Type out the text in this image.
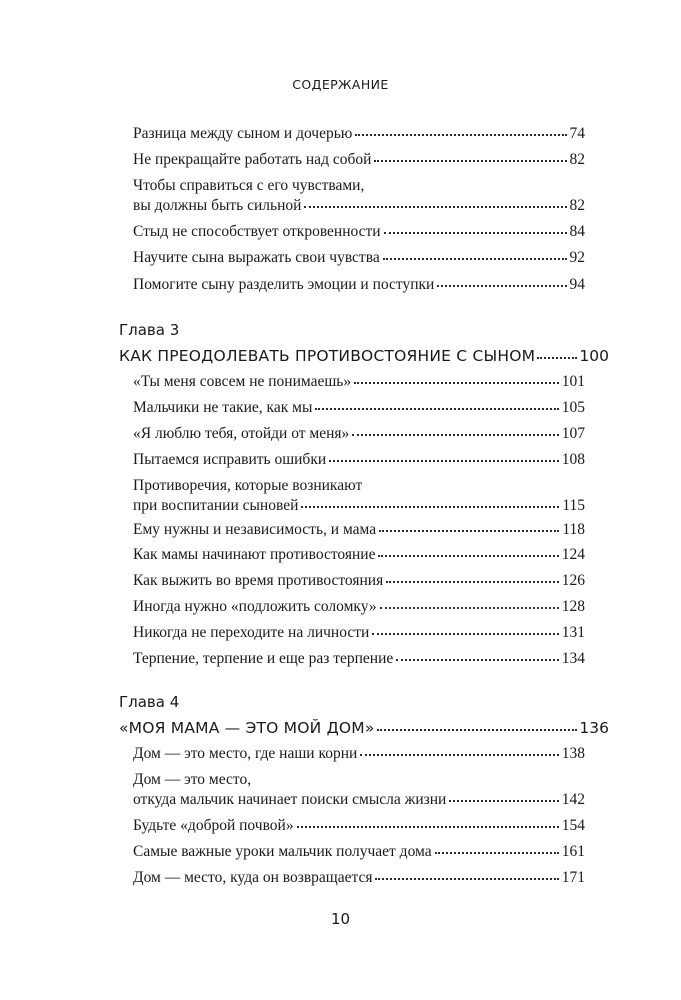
СОДЕРЖАНИЕ
Разница между сыном и дочерью	74
Не прекращайте работать над собой	82
Чтобы справиться с его чувствами,
вы должны быть сильной	82
Стыд не способствует откровенности	84
Научите сына выражать свои чувства	92
Помогите сыну разделить эмоции и поступки	94
Глава 3
КАК ПРЕОДОЛЕВАТЬ ПРОТИВОСТОЯНИЕ С СЫНОМ	100
«Ты меня совсем не понимаешь»	101
Мальчики не такие, как мы	105
«Я люблю тебя, отойди от меня»	107
Пытаемся исправить ошибки	108
Противоречия, которые возникают
при воспитании сыновей	115
Ему нужны и независимость, и мама	118
Как мамы начинают противостояние	124
Как выжить во время противостояния	126
Иногда нужно «подложить соломку»	128
Никогда не переходите на личности	131
Терпение, терпение и еще раз терпение	134
Глава 4
«МОЯ МАМА — ЭТО МОЙ ДОМ»	136
Дом — это место, где наши корни	138
Дом — это место,
откуда мальчик начинает поиски смысла жизни	142
Будьте «доброй почвой»	154
Самые важные уроки мальчик получает дома	161
Дом — место, куда он возвращается	171
10
